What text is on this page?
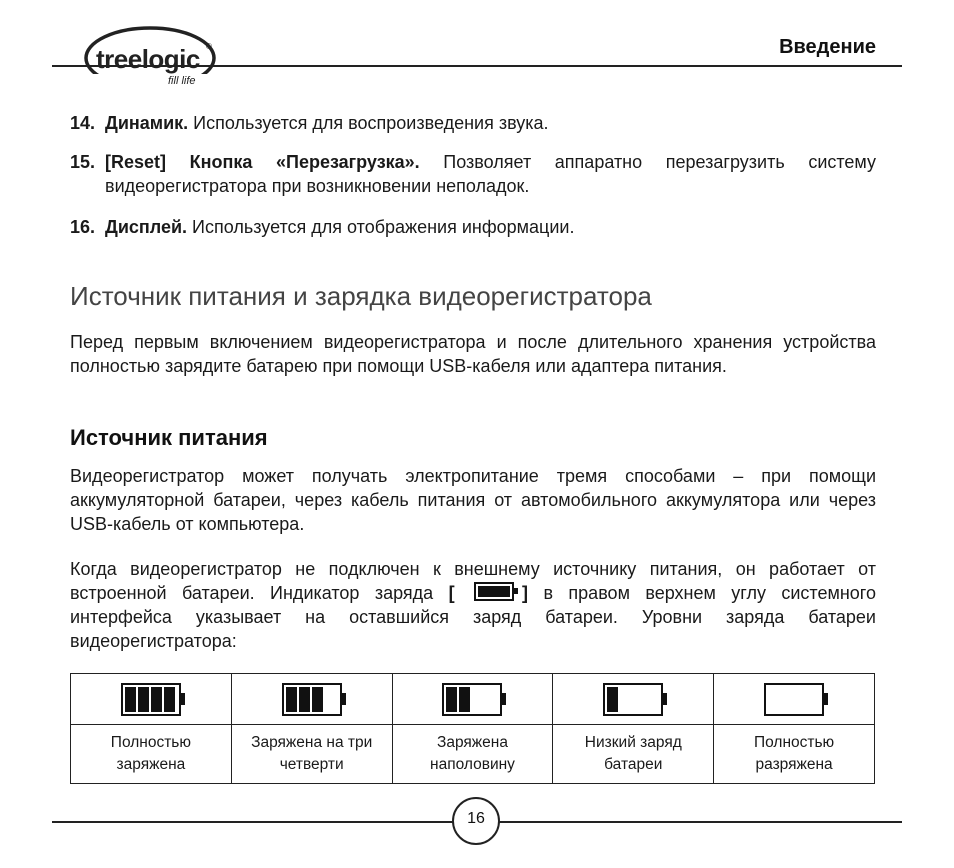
treelogic ®
fill life
Введение
14. Динамик. Используется для воспроизведения звука.
15. [Reset] Кнопка «Перезагрузка». Позволяет аппаратно перезагрузить систему видеорегистратора при возникновении неполадок.
16. Дисплей. Используется для отображения информации.
Источник питания и зарядка видеорегистратора
Перед первым включением видеорегистратора и после длительного хранения устройства полностью зарядите батарею при помощи USB-кабеля или адаптера питания.
Источник питания
Видеорегистратор может получать электропитание тремя способами – при помощи аккумуляторной батареи, через кабель питания от автомобильного аккумулятора или через USB-кабель от компьютера.
Когда видеорегистратор не подключен к внешнему источнику питания, он работает от встроенной батареи. Индикатор заряда [	] в правом верхнем углу системного интерфейса указывает на оставшийся заряд батареи. Уровни заряда батареи видеорегистратора:

Полностью заряжена	Заряжена на три четверти	Заряжена наполовину	Низкий заряд батареи	Полностью разряжена
16
